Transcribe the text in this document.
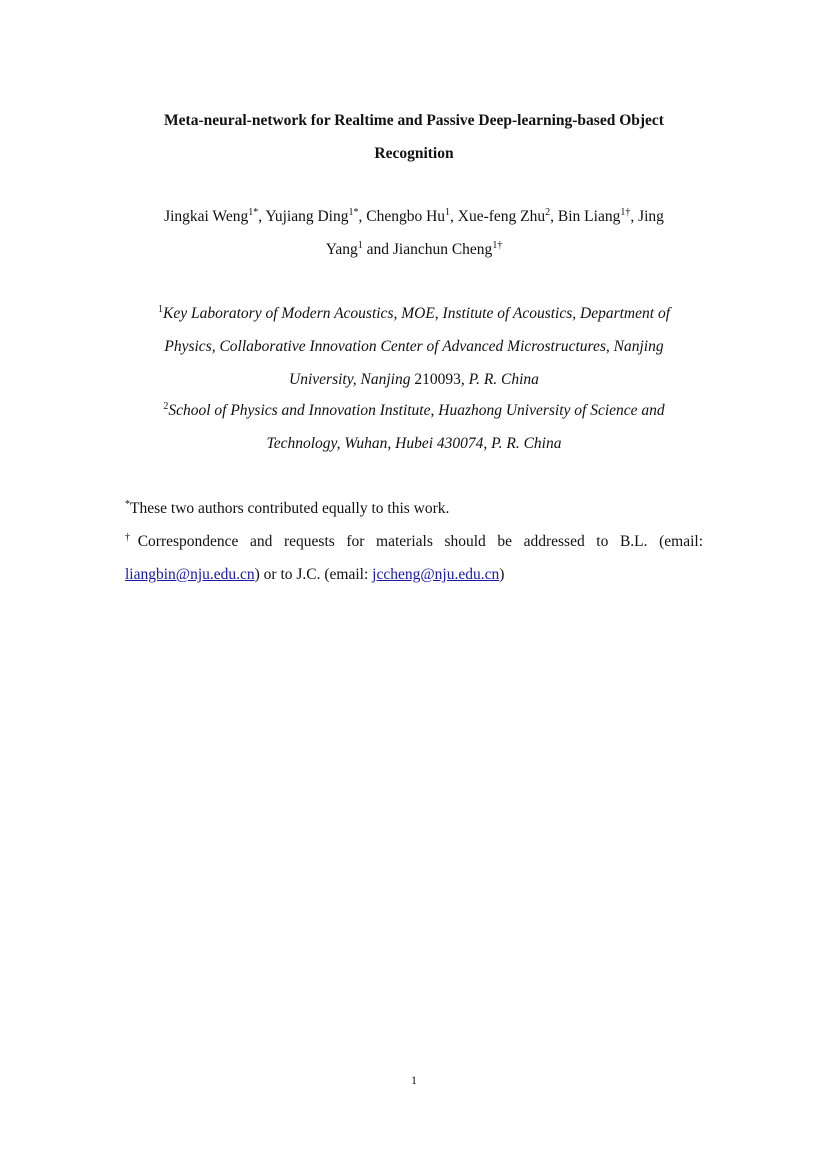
Meta-neural-network for Realtime and Passive Deep-learning-based Object
Recognition
Jingkai Weng$^{1*}$, Yujiang Ding$^{1*}$, Chengbo Hu$^1$, Xue-feng Zhu$^2$, Bin Liang$^{1\dagger}$, Jing
Yang$^1$ and Jianchun Cheng$^{1\dagger}$
$^1$Key Laboratory of Modern Acoustics, MOE, Institute of Acoustics, Department of
Physics, Collaborative Innovation Center of Advanced Microstructures, Nanjing
University, Nanjing 210093, P. R. China
$^2$School of Physics and Innovation Institute, Huazhong University of Science and
Technology, Wuhan, Hubei 430074, P. R. China
*These two authors contributed equally to this work.
†Correspondence and requests for materials should be addressed to B.L. (email:
liangbin@nju.edu.cn) or to J.C. (email: jccheng@nju.edu.cn)
1
